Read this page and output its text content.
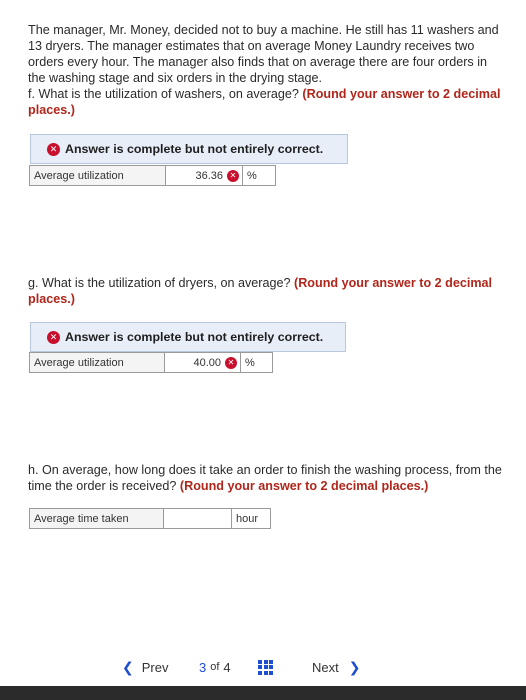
The manager, Mr. Money, decided not to buy a machine. He still has 11 washers and
13 dryers. The manager estimates that on average Money Laundry receives two
orders every hour. The manager also finds that on average there are four orders in
the washing stage and six orders in the drying stage.
f. What is the utilization of washers, on average? (Round your answer to 2 decimal
places.)
✕ Answer is complete but not entirely correct.
Average utilization	36.36 ✕ %
g. What is the utilization of dryers, on average? (Round your answer to 2 decimal
places.)
✕ Answer is complete but not entirely correct.
Average utilization	40.00 ✕ %
h. On average, how long does it take an order to finish the washing process, from the
time the order is received? (Round your answer to 2 decimal places.)
Average time taken	hour
❮ Prev 3 of 4	Next ❯
